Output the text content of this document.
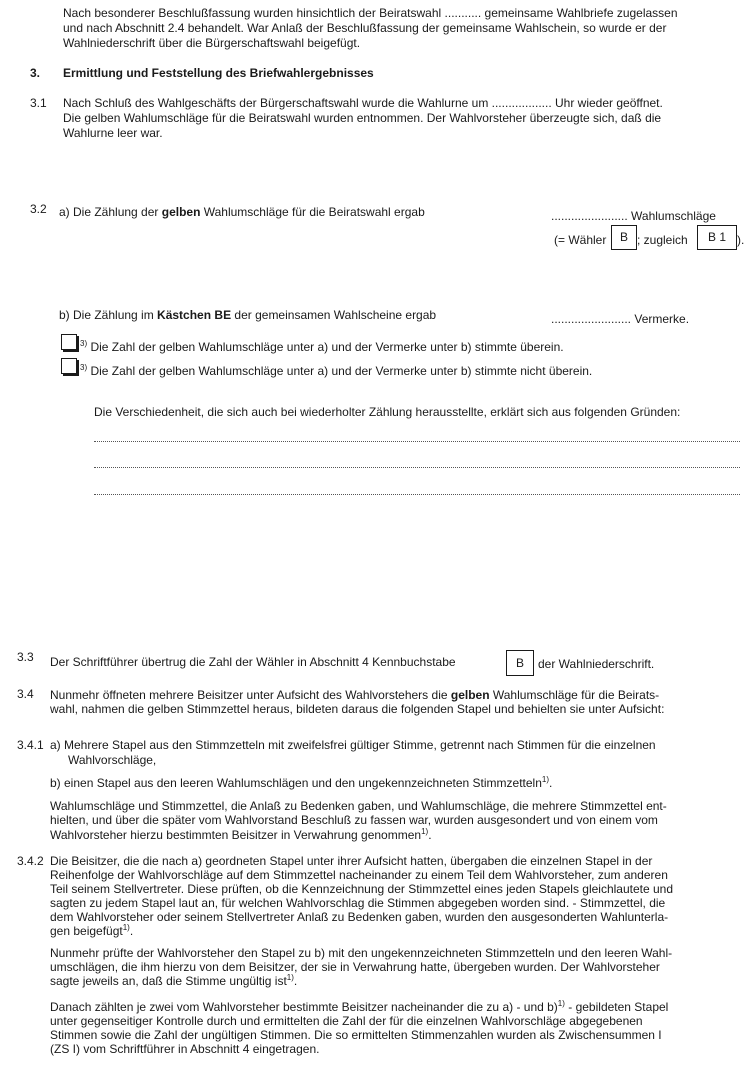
Nach besonderer Beschlußfassung wurden hinsichtlich der Beiratswahl ........... gemeinsame Wahlbriefe zugelassen
und nach Abschnitt 2.4 behandelt. War Anlaß der Beschlußfassung der gemeinsame Wahlschein, so wurde er der
Wahlniederschrift über die Bürgerschaftswahl beigefügt.
3. Ermittlung und Feststellung des Briefwahlergebnisses
3.1 Nach Schluß des Wahlgeschäfts der Bürgerschaftswahl wurde die Wahlurne um .................. Uhr wieder geöffnet.
Die gelben Wahlumschläge für die Beiratswahl wurden entnommen. Der Wahlvorsteher überzeugte sich, daß die
Wahlurne leer war.
3.2 a) Die Zählung der gelben Wahlumschläge für die Beiratswahl ergab	....................... Wahlumschläge
(= Wähler	B ; zugleich	B 1 ).
b) Die Zählung im Kästchen BE der gemeinsamen Wahlscheine ergab	........................ Vermerke.
$^{3)}$ Die Zahl der gelben Wahlumschläge unter a) und der Vermerke unter b) stimmte überein.
$^{3)}$ Die Zahl der gelben Wahlumschläge unter a) und der Vermerke unter b) stimmte nicht überein.
Die Verschiedenheit, die sich auch bei wiederholter Zählung herausstellte, erklärt sich aus folgenden Gründen:
3.3 Der Schriftführer übertrug die Zahl der Wähler in Abschnitt 4 Kennbuchstabe	B	der Wahlniederschrift.
3.4 Nunmehr öffneten mehrere Beisitzer unter Aufsicht des Wahlvorstehers die gelben Wahlumschläge für die Beirats-
wahl, nahmen die gelben Stimmzettel heraus, bildeten daraus die folgenden Stapel und behielten sie unter Aufsicht:
3.4.1 a) Mehrere Stapel aus den Stimmzetteln mit zweifelsfrei gültiger Stimme, getrennt nach Stimmen für die einzelnen
Wahlvorschläge,
b) einen Stapel aus den leeren Wahlumschlägen und den ungekennzeichneten Stimmzetteln$^{1)}$.
Wahlumschläge und Stimmzettel, die Anlaß zu Bedenken gaben, und Wahlumschläge, die mehrere Stimmzettel ent-
hielten, und über die später vom Wahlvorstand Beschluß zu fassen war, wurden ausgesondert und von einem vom
Wahlvorsteher hierzu bestimmten Beisitzer in Verwahrung genommen$^{1)}$.
3.4.2 Die Beisitzer, die die nach a) geordneten Stapel unter ihrer Aufsicht hatten, übergaben die einzelnen Stapel in der
Reihenfolge der Wahlvorschläge auf dem Stimmzettel nacheinander zu einem Teil dem Wahlvorsteher, zum anderen
Teil seinem Stellvertreter. Diese prüften, ob die Kennzeichnung der Stimmzettel eines jeden Stapels gleichlautete und
sagten zu jedem Stapel laut an, für welchen Wahlvorschlag die Stimmen abgegeben worden sind. - Stimmzettel, die
dem Wahlvorsteher oder seinem Stellvertreter Anlaß zu Bedenken gaben, wurden den ausgesonderten Wahlunterla-
gen beigefügt$^{1)}$.
Nunmehr prüfte der Wahlvorsteher den Stapel zu b) mit den ungekennzeichneten Stimmzetteln und den leeren Wahl-
umschlägen, die ihm hierzu von dem Beisitzer, der sie in Verwahrung hatte, übergeben wurden. Der Wahlvorsteher
sagte jeweils an, daß die Stimme ungültig ist$^{1)}$.
Danach zählten je zwei vom Wahlvorsteher bestimmte Beisitzer nacheinander die zu a) - und b)$^{1)}$ - gebildeten Stapel
unter gegenseitiger Kontrolle durch und ermittelten die Zahl der für die einzelnen Wahlvorschläge abgegebenen
Stimmen sowie die Zahl der ungültigen Stimmen. Die so ermittelten Stimmenzahlen wurden als Zwischensummen I
(ZS I) vom Schriftführer in Abschnitt 4 eingetragen.
